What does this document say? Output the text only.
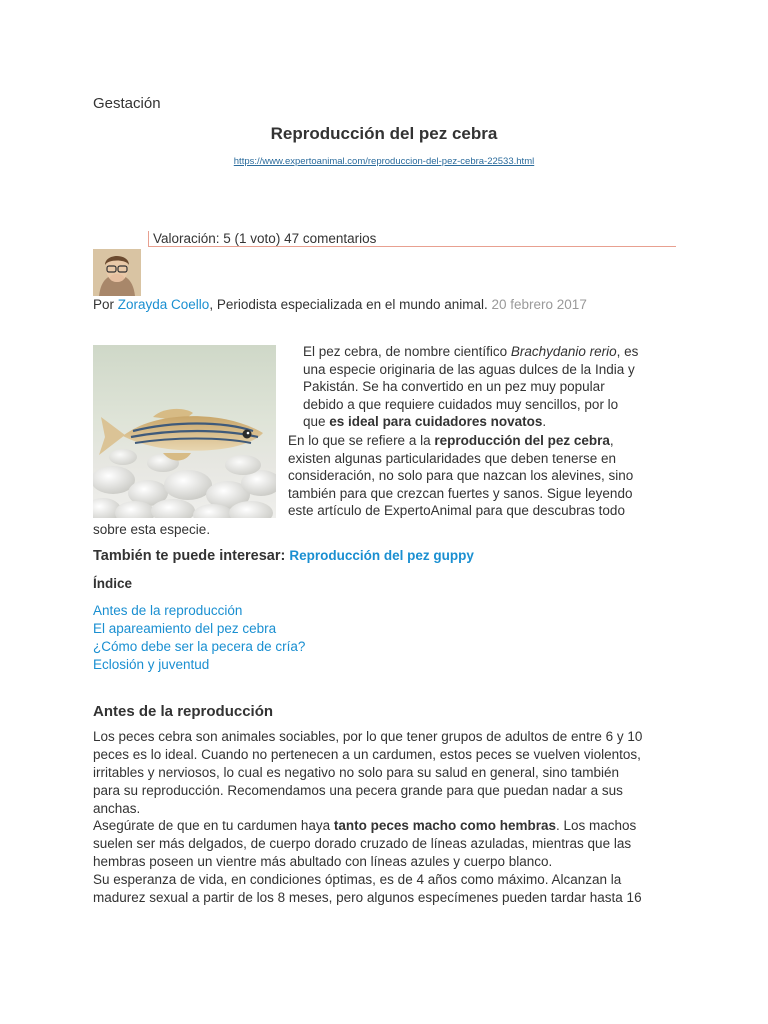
Gestación
Reproducción del pez cebra
https://www.expertoanimal.com/reproduccion-del-pez-cebra-22533.html
Valoración: 5 (1 voto) 47 comentarios
Por Zorayda Coello, Periodista especializada en el mundo animal. 20 febrero 2017
El pez cebra, de nombre científico Brachydanio rerio, es
una especie originaria de las aguas dulces de la India y
Pakistán. Se ha convertido en un pez muy popular
debido a que requiere cuidados muy sencillos, por lo
que es ideal para cuidadores novatos.
En lo que se refiere a la reproducción del pez cebra,
existen algunas particularidades que deben tenerse en
consideración, no solo para que nazcan los alevines, sino
también para que crezcan fuertes y sanos. Sigue leyendo
este artículo de ExpertoAnimal para que descubras todo
sobre esta especie.
También te puede interesar: Reproducción del pez guppy
Índice
Antes de la reproducción
El apareamiento del pez cebra
¿Cómo debe ser la pecera de cría?
Eclosión y juventud
Antes de la reproducción
Los peces cebra son animales sociables, por lo que tener grupos de adultos de entre 6 y 10
peces es lo ideal. Cuando no pertenecen a un cardumen, estos peces se vuelven violentos,
irritables y nerviosos, lo cual es negativo no solo para su salud en general, sino también
para su reproducción. Recomendamos una pecera grande para que puedan nadar a sus
anchas.
Asegúrate de que en tu cardumen haya tanto peces macho como hembras. Los machos
suelen ser más delgados, de cuerpo dorado cruzado de líneas azuladas, mientras que las
hembras poseen un vientre más abultado con líneas azules y cuerpo blanco.
Su esperanza de vida, en condiciones óptimas, es de 4 años como máximo. Alcanzan la
madurez sexual a partir de los 8 meses, pero algunos especímenes pueden tardar hasta 16
